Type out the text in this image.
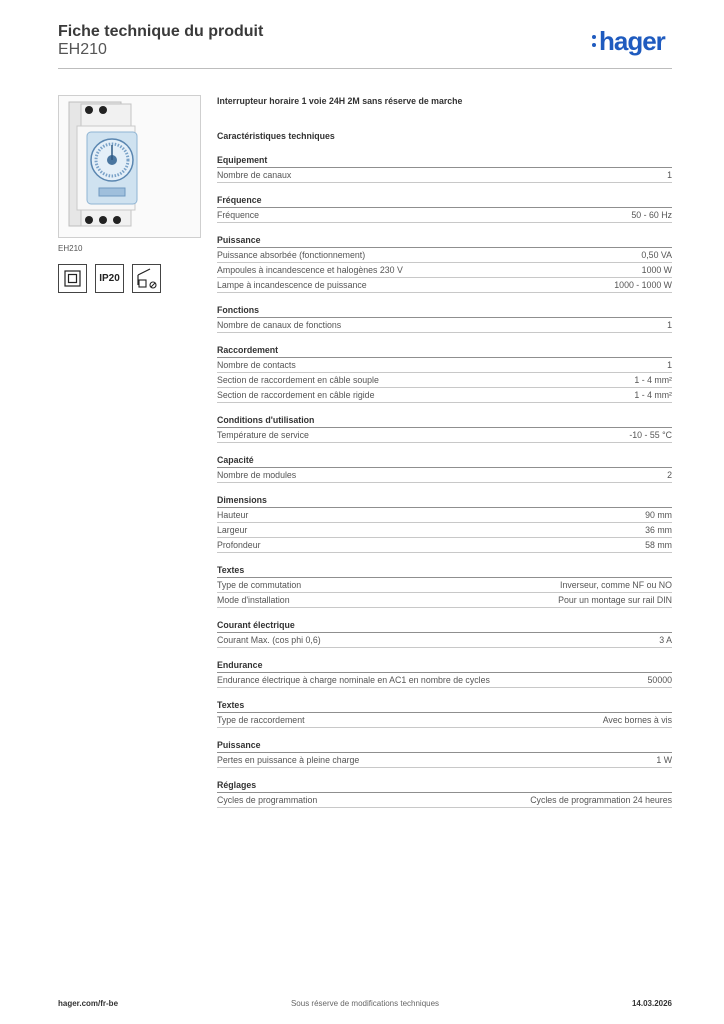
Fiche technique du produit
EH210	hager
EH210
IP20
Interrupteur horaire 1 voie 24H 2M sans réserve de marche
Caractéristiques techniques
Equipement
Nombre de canaux	1
Fréquence
Fréquence	50 - 60 Hz
Puissance
Puissance absorbée (fonctionnement)	0,50 VA
Ampoules à incandescence et halogènes 230 V	1000 W
Lampe à incandescence de puissance	1000 - 1000 W
Fonctions
Nombre de canaux de fonctions	1
Raccordement
Nombre de contacts	1
Section de raccordement en câble souple	1 - 4 mm²
Section de raccordement en câble rigide	1 - 4 mm²
Conditions d'utilisation
Température de service	-10 - 55 °C
Capacité
Nombre de modules	2
Dimensions
Hauteur	90 mm
Largeur	36 mm
Profondeur	58 mm
Textes
Type de commutation	Inverseur, comme NF ou NO
Mode d'installation	Pour un montage sur rail DIN
Courant électrique
Courant Max. (cos phi 0,6)	3 A
Endurance
Endurance électrique à charge nominale en AC1 en nombre de cycles	50000
Textes
Type de raccordement	Avec bornes à vis
Puissance
Pertes en puissance à pleine charge	1 W
Réglages
Cycles de programmation	Cycles de programmation 24 heures
hager.com/fr-be	Sous réserve de modifications techniques	14.03.2026
